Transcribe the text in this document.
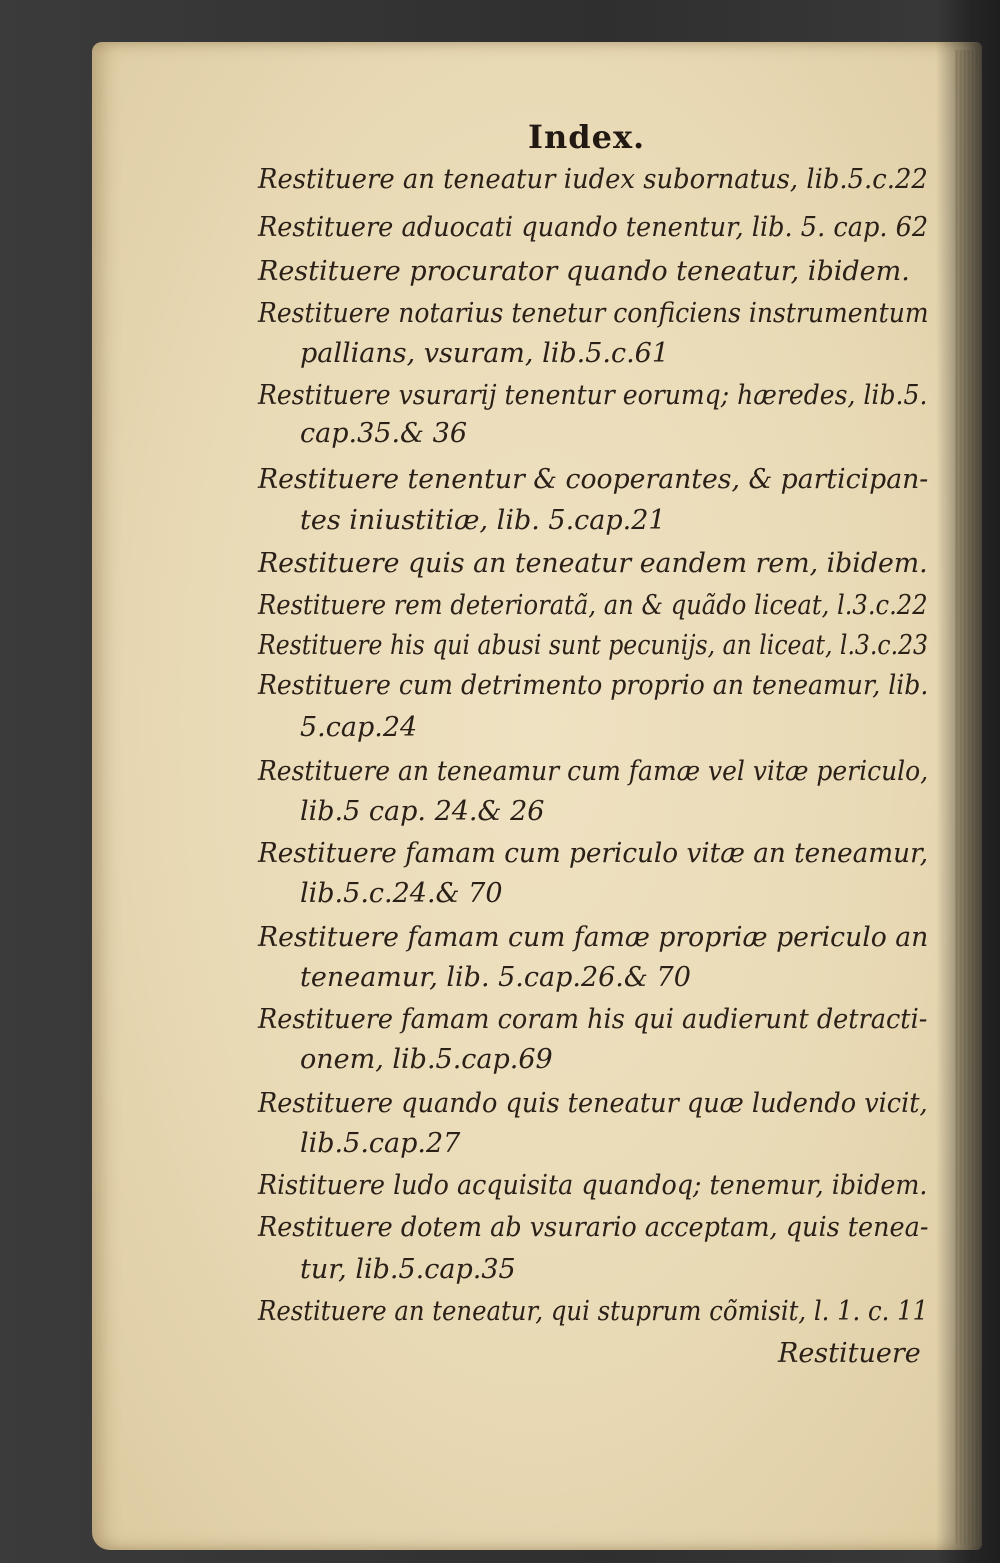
Index.
Restituere an teneatur iudex subornatus, lib.5.c.22
Restituere aduocati quando tenentur, lib. 5. cap. 62
Restituere procurator quando teneatur, ibidem.
Restituere notarius tenetur conficiens instrumentum
pallians, vsuram, lib.5.c.61
Restituere vsurarij tenentur eorumq; hæredes, lib.5.
cap.35.& 36
Restituere tenentur & cooperantes, & participan-
tes iniustitiæ, lib. 5.cap.21
Restituere quis an teneatur eandem rem, ibidem.
Restituere rem deterioratã, an & quãdo liceat, l.3.c.22
Restituere his qui abusi sunt pecunijs, an liceat, l.3.c.23
Restituere cum detrimento proprio an teneamur, lib.
5.cap.24
Restituere an teneamur cum famæ vel vitæ periculo,
lib.5 cap. 24.& 26
Restituere famam cum periculo vitæ an teneamur,
lib.5.c.24.& 70
Restituere famam cum famæ propriæ periculo an
teneamur, lib. 5.cap.26.& 70
Restituere famam coram his qui audierunt detracti-
onem, lib.5.cap.69
Restituere quando quis teneatur quæ ludendo vicit,
lib.5.cap.27
Ristituere ludo acquisita quandoq; tenemur, ibidem.
Restituere dotem ab vsurario acceptam, quis tenea-
tur, lib.5.cap.35
Restituere an teneatur, qui stuprum cõmisit, l. 1. c. 11
Restituere
